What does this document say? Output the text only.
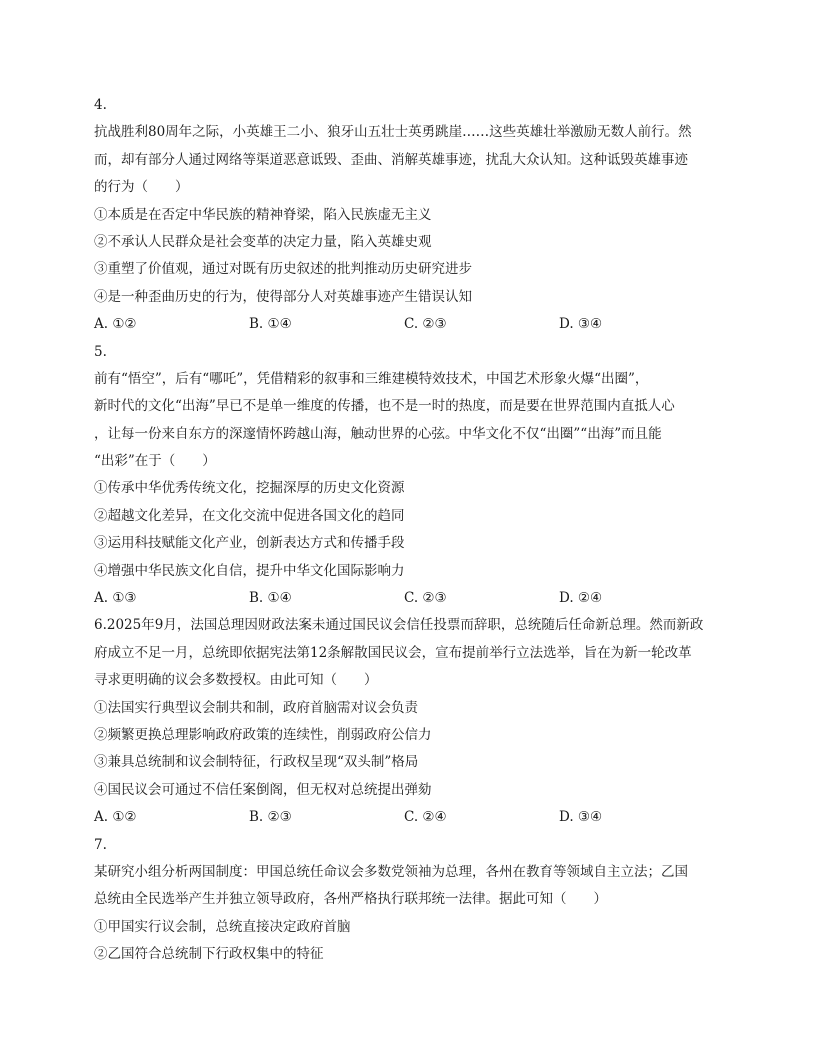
4.
抗战胜利80周年之际，小英雄王二小、狼牙山五壮士英勇跳崖……这些英雄壮举激励无数人前行。然
而，却有部分人通过网络等渠道恶意诋毁、歪曲、消解英雄事迹，扰乱大众认知。这种诋毁英雄事迹
的行为（　　）
①本质是在否定中华民族的精神脊梁，陷入民族虚无主义
②不承认人民群众是社会变革的决定力量，陷入英雄史观
③重塑了价值观，通过对既有历史叙述的批判推动历史研究进步
④是一种歪曲历史的行为，使得部分人对英雄事迹产生错误认知
A. ①②	B. ①④	C. ②③	D. ③④
5.
前有“悟空”，后有“哪吒”，凭借精彩的叙事和三维建模特效技术，中国艺术形象火爆“出圈”，
新时代的文化“出海”早已不是单一维度的传播，也不是一时的热度，而是要在世界范围内直抵人心
，让每一份来自东方的深邃情怀跨越山海，触动世界的心弦。中华文化不仅“出圈”“出海”而且能
“出彩”在于（　　）
①传承中华优秀传统文化，挖掘深厚的历史文化资源
②超越文化差异，在文化交流中促进各国文化的趋同
③运用科技赋能文化产业，创新表达方式和传播手段
④增强中华民族文化自信，提升中华文化国际影响力
A. ①③	B. ①④	C. ②③	D. ②④
6.2025年9月，法国总理因财政法案未通过国民议会信任投票而辞职，总统随后任命新总理。然而新政
府成立不足一月，总统即依据宪法第12条解散国民议会，宣布提前举行立法选举，旨在为新一轮改革
寻求更明确的议会多数授权。由此可知（　　）
①法国实行典型议会制共和制，政府首脑需对议会负责
②频繁更换总理影响政府政策的连续性，削弱政府公信力
③兼具总统制和议会制特征，行政权呈现“双头制”格局
④国民议会可通过不信任案倒阁，但无权对总统提出弹劾
A. ①②	B. ②③	C. ②④	D. ③④
7.
某研究小组分析两国制度：甲国总统任命议会多数党领袖为总理，各州在教育等领域自主立法；乙国
总统由全民选举产生并独立领导政府，各州严格执行联邦统一法律。据此可知（　　）
①甲国实行议会制，总统直接决定政府首脑
②乙国符合总统制下行政权集中的特征
